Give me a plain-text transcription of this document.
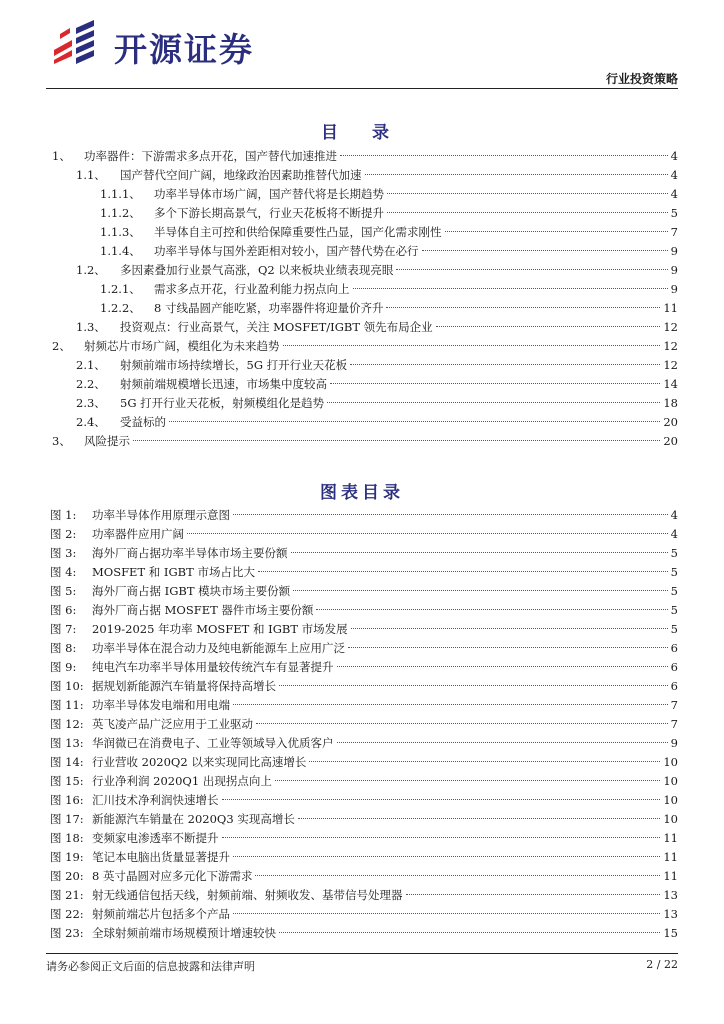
开源证券
行业投资策略
目 录
1、	功率器件：下游需求多点开花，国产替代加速推进	4
1.1、	国产替代空间广阔，地缘政治因素助推替代加速	4
1.1.1、	功率半导体市场广阔，国产替代将是长期趋势	4
1.1.2、	多个下游长期高景气，行业天花板将不断提升	5
1.1.3、	半导体自主可控和供给保障重要性凸显，国产化需求刚性	7
1.1.4、	功率半导体与国外差距相对较小，国产替代势在必行	9
1.2、	多因素叠加行业景气高涨，Q2 以来板块业绩表现亮眼	9
1.2.1、	需求多点开花，行业盈利能力拐点向上	9
1.2.2、	8 寸线晶圆产能吃紧，功率器件将迎量价齐升	11
1.3、	投资观点：行业高景气，关注 MOSFET/IGBT 领先布局企业	12
2、	射频芯片市场广阔，模组化为未来趋势	12
2.1、	射频前端市场持续增长，5G 打开行业天花板	12
2.2、	射频前端规模增长迅速，市场集中度较高	14
2.3、	5G 打开行业天花板，射频模组化是趋势	18
2.4、	受益标的	20
3、	风险提示	20
图表目录
图 1:	功率半导体作用原理示意图	4
图 2:	功率器件应用广阔	4
图 3:	海外厂商占据功率半导体市场主要份额	5
图 4:	MOSFET 和 IGBT 市场占比大	5
图 5:	海外厂商占据 IGBT 模块市场主要份额	5
图 6:	海外厂商占据 MOSFET 器件市场主要份额	5
图 7:	2019-2025 年功率 MOSFET 和 IGBT 市场发展	5
图 8:	功率半导体在混合动力及纯电新能源车上应用广泛	6
图 9:	纯电汽车功率半导体用量较传统汽车有显著提升	6
图 10: 据规划新能源汽车销量将保持高增长	6
图 11: 功率半导体发电端和用电端	7
图 12: 英飞凌产品广泛应用于工业驱动	7
图 13: 华润微已在消费电子、工业等领域导入优质客户	9
图 14: 行业营收 2020Q2 以来实现同比高速增长	10
图 15: 行业净利润 2020Q1 出现拐点向上	10
图 16: 汇川技术净利润快速增长	10
图 17: 新能源汽车销量在 2020Q3 实现高增长	10
图 18: 变频家电渗透率不断提升	11
图 19: 笔记本电脑出货量显著提升	11
图 20: 8 英寸晶圆对应多元化下游需求	11
图 21: 射无线通信包括天线，射频前端、射频收发、基带信号处理器	13
图 22: 射频前端芯片包括多个产品	13
图 23: 全球射频前端市场规模预计增速较快	15
请务必参阅正文后面的信息披露和法律声明	2 / 22
